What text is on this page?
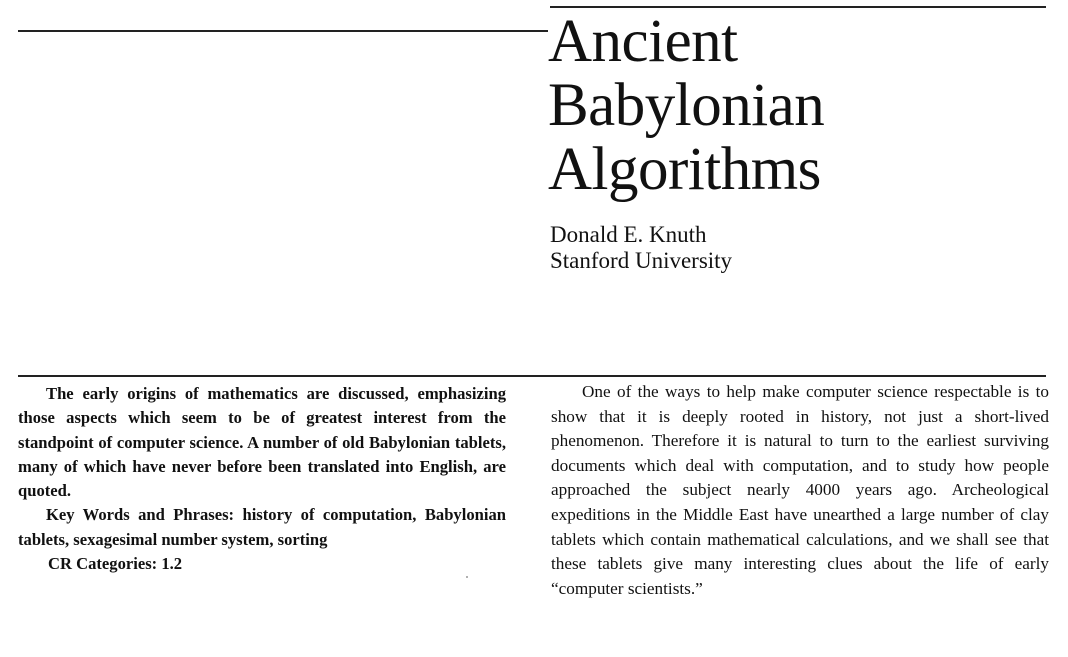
Ancient
Babylonian
Algorithms
Donald E. Knuth
Stanford University

The early origins of mathematics are discussed, emphasizing those aspects which seem to be of greatest interest from the standpoint of computer science. A number of old Babylonian tablets, many of which have never before been translated into English, are quoted.

Key Words and Phrases: history of computation, Babylonian tablets, sexagesimal number system, sorting

CR Categories: 1.2

One of the ways to help make computer science respectable is to show that it is deeply rooted in history, not just a short-lived phenomenon. Therefore it is natural to turn to the earliest surviving documents which deal with computation, and to study how people approached the subject nearly 4000 years ago. Archeological expeditions in the Middle East have unearthed a large number of clay tablets which contain mathematical calculations, and we shall see that these tablets give many interesting clues about the life of early “computer scientists.”
